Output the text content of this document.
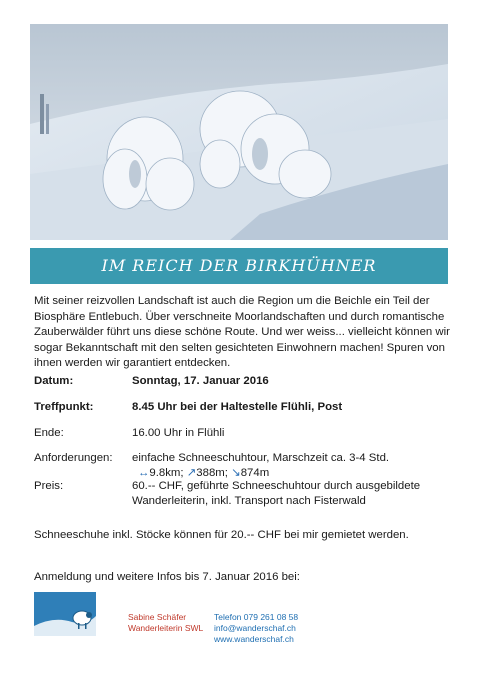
IM REICH DER BIRKHÜHNER
Mit seiner reizvollen Landschaft ist auch die Region um die Beichle ein Teil der Biosphäre Entlebuch. Über verschneite Moorlandschaften und durch romantische Zauberwälder führt uns diese schöne Route. Und wer weiss... vielleicht können wir sogar Bekanntschaft mit den selten gesichteten Einwohnern machen! Spuren von ihnen werden wir garantiert entdecken.
Datum:	Sonntag, 17. Januar 2016
Treffpunkt:	8.45 Uhr bei der Haltestelle Flühli, Post
Ende:	16.00 Uhr in Flühli
Anforderungen: einfache Schneeschuhtour, Marschzeit ca. 3-4 Std.
↔9.8km; ↗388m; ↘874m
Preis:	60.-- CHF, geführte Schneeschuhtour durch ausgebildete Wanderleiterin, inkl. Transport nach Fisterwald
Schneeschuhe inkl. Stöcke können für 20.-- CHF bei mir gemietet werden.
Anmeldung und weitere Infos bis 7. Januar 2016 bei:
Sabine Schäfer
Wanderleiterin SWL
Telefon 079 261 08 58
info@wanderschaf.ch
www.wanderschaf.ch
